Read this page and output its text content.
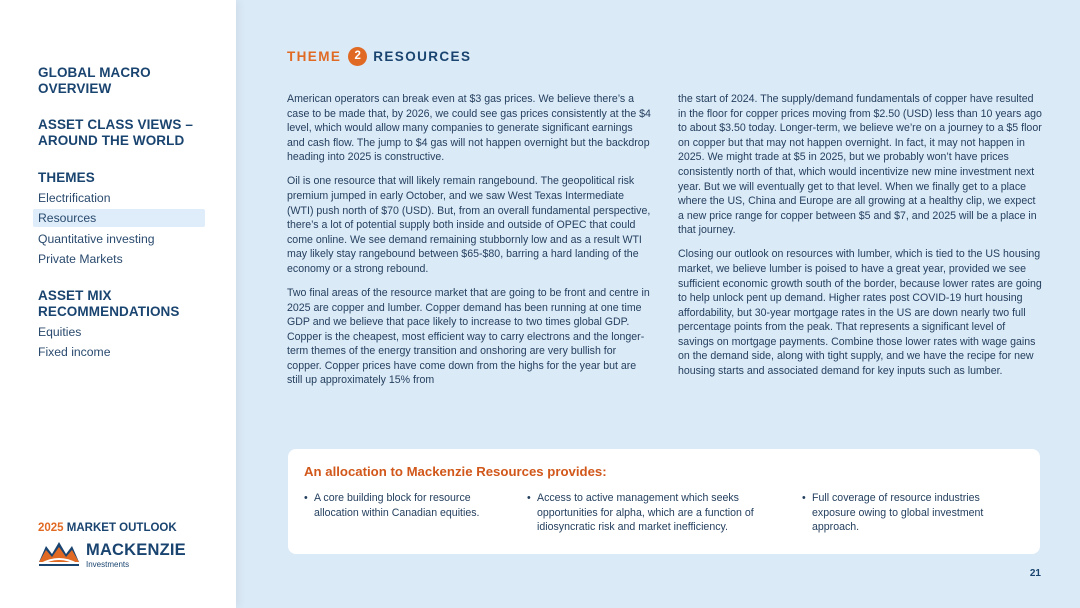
GLOBAL MACRO
OVERVIEW
ASSET CLASS VIEWS –
AROUND THE WORLD
THEMES
Electrification
Resources
Quantitative investing
Private Markets
ASSET MIX
RECOMMENDATIONS
Equities
Fixed income
2025 MARKET OUTLOOK
MACKENZIE
Investments
THEME	2 RESOURCES

American operators can break even at $3 gas prices. We believe there’s a case to be made that, by 2026, we could see gas prices consistently at the $4 level, which would allow many companies to generate significant earnings and cash flow. The jump to $4 gas will not happen overnight but the backdrop heading into 2025 is constructive.

Oil is one resource that will likely remain rangebound. The geopolitical risk premium jumped in early October, and we saw West Texas Intermediate (WTI) push north of $70 (USD). But, from an overall fundamental perspective, there’s a lot of potential supply both inside and outside of OPEC that could come online. We see demand remaining stubbornly low and as a result WTI may likely stay rangebound between $65-$80, barring a hard landing of the economy or a strong rebound.

Two final areas of the resource market that are going to be front and centre in 2025 are copper and lumber. Copper demand has been running at one time GDP and we believe that pace likely to increase to two times global GDP. Copper is the cheapest, most efficient way to carry electrons and the longer-term themes of the energy transition and onshoring are very bullish for copper. Copper prices have come down from the highs for the year but are still up approximately 15% from

the start of 2024. The supply/demand fundamentals of copper have resulted in the floor for copper prices moving from $2.50 (USD) less than 10 years ago to about $3.50 today. Longer-term, we believe we’re on a journey to a $5 floor on copper but that may not happen overnight. In fact, it may not happen in 2025. We might trade at $5 in 2025, but we probably won’t have prices consistently north of that, which would incentivize new mine investment next year. But we will eventually get to that level. When we finally get to a place where the US, China and Europe are all growing at a healthy clip, we expect a new price range for copper between $5 and $7, and 2025 will be a place in that journey.

Closing our outlook on resources with lumber, which is tied to the US housing market, we believe lumber is poised to have a great year, provided we see sufficient economic growth south of the border, because lower rates are going to help unlock pent up demand. Higher rates post COVID-19 hurt housing affordability, but 30-year mortgage rates in the US are down nearly two full percentage points from the peak. That represents a significant level of savings on mortgage payments. Combine those lower rates with wage gains on the demand side, along with tight supply, and we have the recipe for new housing starts and associated demand for key inputs such as lumber.

An allocation to Mackenzie Resources provides:
• A core building block for resource allocation within Canadian equities.
• Access to active management which seeks opportunities for alpha, which are a function of idiosyncratic risk and market inefficiency.
• Full coverage of resource industries exposure owing to global investment approach.
21
